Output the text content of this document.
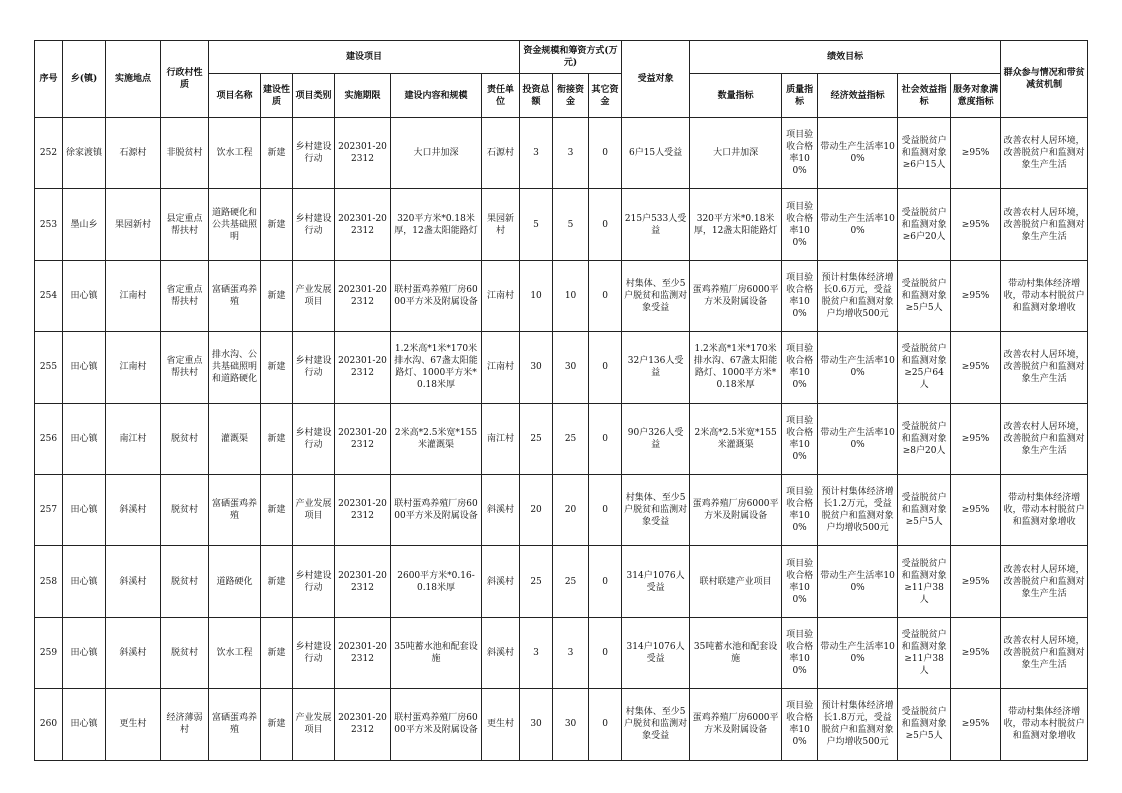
序号	乡(镇)	实施地点	行政村性质	建设项目						资金规模和筹资方式(万元)			受益对象	绩效目标					群众参与情况和带贫减贫机制
				项目名称	建设性质	项目类别	实施期限	建设内容和规模	责任单位	投资总额	衔接资金	其它资金		数量指标	质量指标	经济效益指标	社会效益指标	服务对象满意度指标	
252	徐家渡镇	石源村	非脱贫村	饮水工程	新建	乡村建设行动	202301-202312	大口井加深	石源村	3	3	0	6户15人受益	大口井加深	项目验收合格率100%	带动生产生活率100%	受益脱贫户和监测对象≥6户15人	≥95%	改善农村人居环境，改善脱贫户和监测对象生产生活
253	墨山乡	果园新村	县定重点帮扶村	道路硬化和公共基础照明	新建	乡村建设行动	202301-202312	320平方米*0.18米厚，12盏太阳能路灯	果园新村	5	5	0	215户533人受益	320平方米*0.18米厚，12盏太阳能路灯	项目验收合格率100%	带动生产生活率100%	受益脱贫户和监测对象≥6户20人	≥95%	改善农村人居环境，改善脱贫户和监测对象生产生活
254	田心镇	江南村	省定重点帮扶村	富硒蛋鸡养殖	新建	产业发展项目	202301-202312	联村蛋鸡养殖厂房6000平方米及附属设备	江南村	10	10	0	村集体、至少5户脱贫和监测对象受益	蛋鸡养殖厂房6000平方米及附属设备	项目验收合格率100%	预计村集体经济增长0.6万元，受益脱贫户和监测对象户均增收500元	受益脱贫户和监测对象≥5户5人	≥95%	带动村集体经济增收，带动本村脱贫户和监测对象增收
255	田心镇	江南村	省定重点帮扶村	排水沟、公共基础照明和道路硬化	新建	乡村建设行动	202301-202312	1.2米高*1米*170米排水沟、67盏太阳能路灯、1000平方米*0.18米厚	江南村	30	30	0	32户136人受益	1.2米高*1米*170米排水沟、67盏太阳能路灯、1000平方米*0.18米厚	项目验收合格率100%	带动生产生活率100%	受益脱贫户和监测对象≥25户64人	≥95%	改善农村人居环境，改善脱贫户和监测对象生产生活
256	田心镇	南江村	脱贫村	灌溉渠	新建	乡村建设行动	202301-202312	2米高*2.5米宽*155米灌溉渠	南江村	25	25	0	90户326人受益	2米高*2.5米宽*155米灌溉渠	项目验收合格率100%	带动生产生活率100%	受益脱贫户和监测对象≥8户20人	≥95%	改善农村人居环境，改善脱贫户和监测对象生产生活
257	田心镇	斜溪村	脱贫村	富硒蛋鸡养殖	新建	产业发展项目	202301-202312	联村蛋鸡养殖厂房6000平方米及附属设备	斜溪村	20	20	0	村集体、至少5户脱贫和监测对象受益	蛋鸡养殖厂房6000平方米及附属设备	项目验收合格率100%	预计村集体经济增长1.2万元，受益脱贫户和监测对象户均增收500元	受益脱贫户和监测对象≥5户5人	≥95%	带动村集体经济增收，带动本村脱贫户和监测对象增收
258	田心镇	斜溪村	脱贫村	道路硬化	新建	乡村建设行动	202301-202312	2600平方米*0.16-0.18米厚	斜溪村	25	25	0	314户1076人受益	联村联建产业项目	项目验收合格率100%	带动生产生活率100%	受益脱贫户和监测对象≥11户38人	≥95%	改善农村人居环境，改善脱贫户和监测对象生产生活
259	田心镇	斜溪村	脱贫村	饮水工程	新建	乡村建设行动	202301-202312	35吨蓄水池和配套设施	斜溪村	3	3	0	314户1076人受益	35吨蓄水池和配套设施	项目验收合格率100%	带动生产生活率100%	受益脱贫户和监测对象≥11户38人	≥95%	改善农村人居环境，改善脱贫户和监测对象生产生活
260	田心镇	更生村	经济薄弱村	富硒蛋鸡养殖	新建	产业发展项目	202301-202312	联村蛋鸡养殖厂房6000平方米及附属设备	更生村	30	30	0	村集体、至少5户脱贫和监测对象受益	蛋鸡养殖厂房6000平方米及附属设备	项目验收合格率100%	预计村集体经济增长1.8万元，受益脱贫户和监测对象户均增收500元	受益脱贫户和监测对象≥5户5人	≥95%	带动村集体经济增收，带动本村脱贫户和监测对象增收
